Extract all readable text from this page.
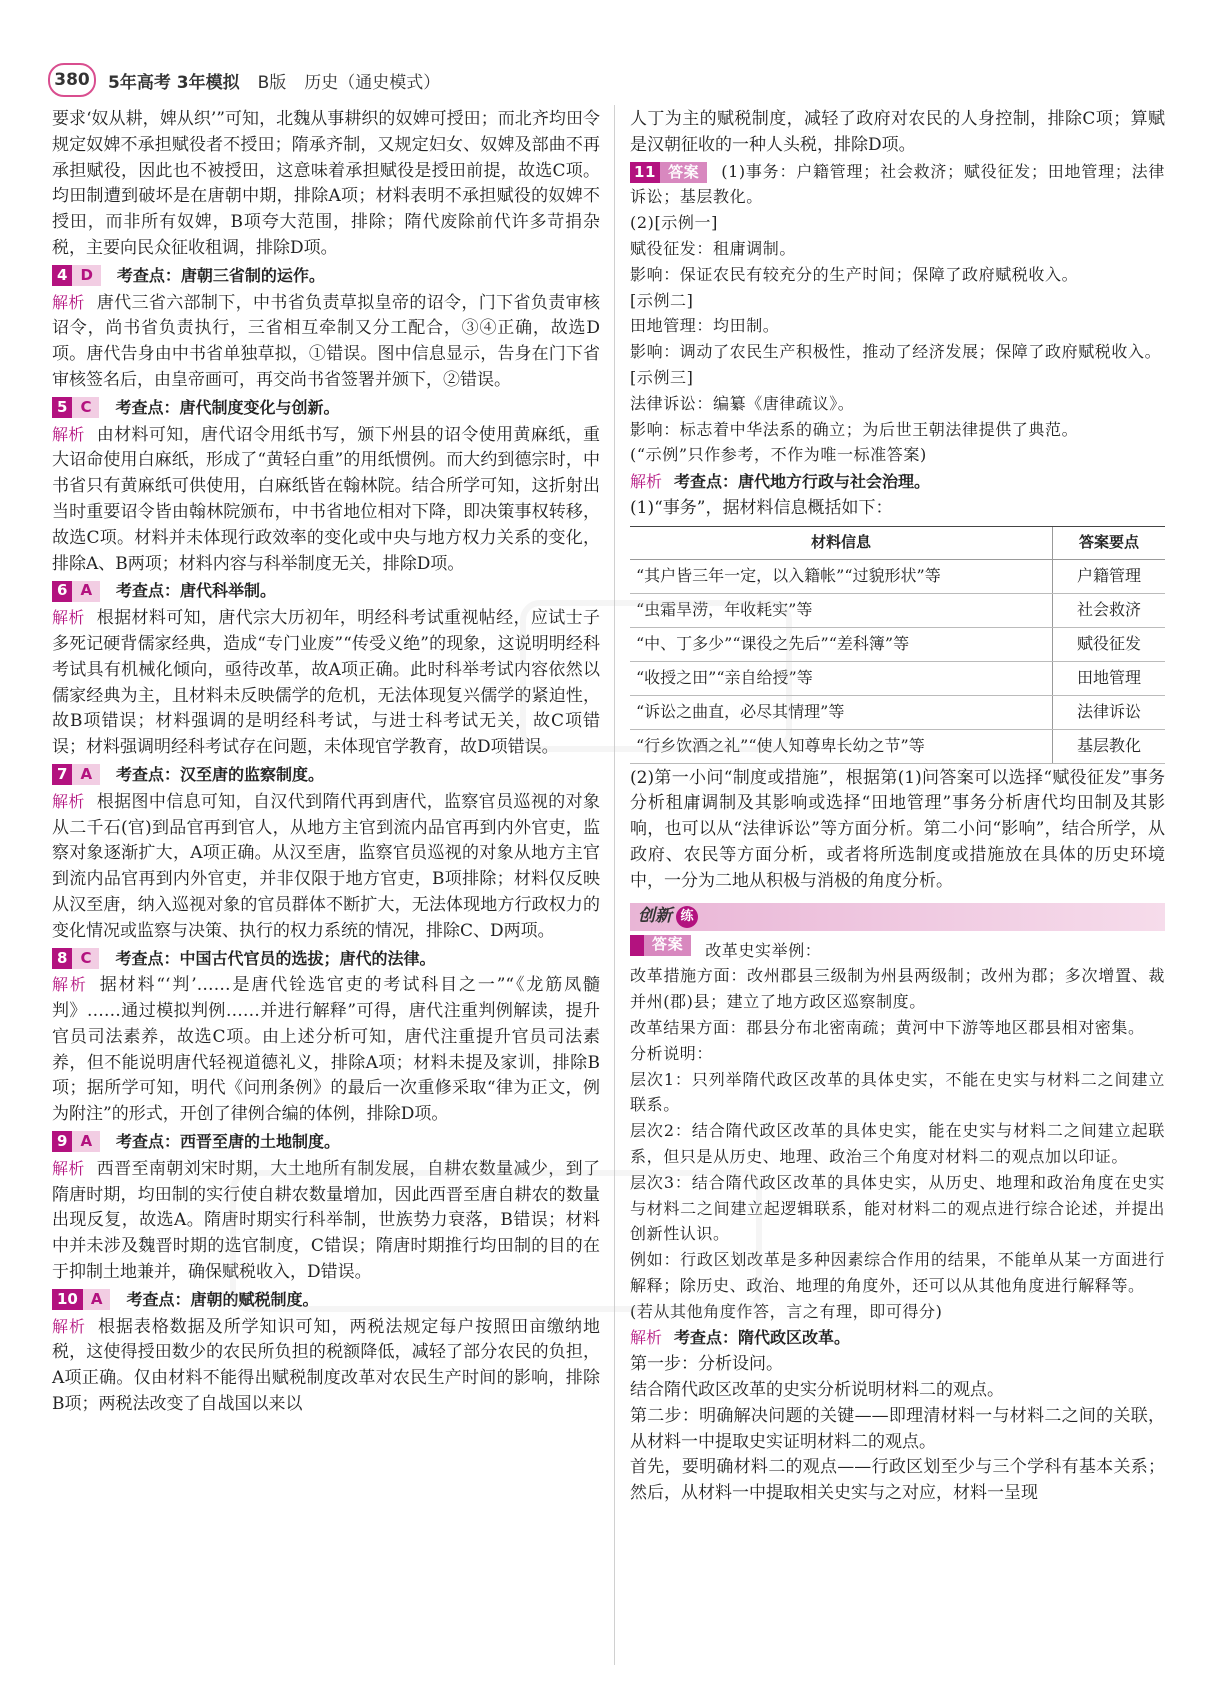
380	5年高考 3年模拟 B版 历史（通史模式）

要求‘奴从耕，婢从织’”可知，北魏从事耕织的奴婢可授田；而北齐均田令规定奴婢不承担赋役者不授田；隋承齐制，又规定妇女、奴婢及部曲不再承担赋役，因此也不被授田，这意味着承担赋役是授田前提，故选C项。均田制遭到破坏是在唐朝中期，排除A项；材料表明不承担赋役的奴婢不授田，而非所有奴婢，B项夸大范围，排除；隋代废除前代许多苛捐杂税，主要向民众征收租调，排除D项。

4 D	考查点：唐朝三省制的运作。

解析 唐代三省六部制下，中书省负责草拟皇帝的诏令，门下省负责审核诏令，尚书省负责执行，三省相互牵制又分工配合，③④正确，故选D项。唐代告身由中书省单独草拟，①错误。图中信息显示，告身在门下省审核签名后，由皇帝画可，再交尚书省签署并颁下，②错误。

5 C	考查点：唐代制度变化与创新。

解析 由材料可知，唐代诏令用纸书写，颁下州县的诏令使用黄麻纸，重大诏命使用白麻纸，形成了“黄轻白重”的用纸惯例。而大约到德宗时，中书省只有黄麻纸可供使用，白麻纸皆在翰林院。结合所学可知，这折射出当时重要诏令皆由翰林院颁布，中书省地位相对下降，即决策事权转移，故选C项。材料并未体现行政效率的变化或中央与地方权力关系的变化，排除A、B两项；材料内容与科举制度无关，排除D项。

6 A	考查点：唐代科举制。

解析 根据材料可知，唐代宗大历初年，明经科考试重视帖经，应试士子多死记硬背儒家经典，造成“专门业废”“传受义绝”的现象，这说明明经科考试具有机械化倾向，亟待改革，故A项正确。此时科举考试内容依然以儒家经典为主，且材料未反映儒学的危机，无法体现复兴儒学的紧迫性，故B项错误；材料强调的是明经科考试，与进士科考试无关，故C项错误；材料强调明经科考试存在问题，未体现官学教育，故D项错误。

7 A	考查点：汉至唐的监察制度。

解析 根据图中信息可知，自汉代到隋代再到唐代，监察官员巡视的对象从二千石(官)到品官再到官人，从地方主官到流内品官再到内外官吏，监察对象逐渐扩大，A项正确。从汉至唐，监察官员巡视的对象从地方主官到流内品官再到内外官吏，并非仅限于地方官吏，B项排除；材料仅反映从汉至唐，纳入巡视对象的官员群体不断扩大，无法体现地方行政权力的变化情况或监察与决策、执行的权力系统的情况，排除C、D两项。

8 C	考查点：中国古代官员的选拔；唐代的法律。

解析 据材料“‘判’……是唐代铨选官吏的考试科目之一”“《龙筋凤髓判》……通过模拟判例……并进行解释”可得，唐代注重判例解读，提升官员司法素养，故选C项。由上述分析可知，唐代注重提升官员司法素养，但不能说明唐代轻视道德礼义，排除A项；材料未提及家训，排除B项；据所学可知，明代《问刑条例》的最后一次重修采取“律为正文，例为附注”的形式，开创了律例合编的体例，排除D项。

9 A	考查点：西晋至唐的土地制度。

解析 西晋至南朝刘宋时期，大土地所有制发展，自耕农数量减少，到了隋唐时期，均田制的实行使自耕农数量增加，因此西晋至唐自耕农的数量出现反复，故选A。隋唐时期实行科举制，世族势力衰落，B错误；材料中并未涉及魏晋时期的选官制度，C错误；隋唐时期推行均田制的目的在于抑制土地兼并，确保赋税收入，D错误。

10 A	考查点：唐朝的赋税制度。

解析 根据表格数据及所学知识可知，两税法规定每户按照田亩缴纳地税，这使得授田数少的农民所负担的税额降低，减轻了部分农民的负担，A项正确。仅由材料不能得出赋税制度改革对农民生产时间的影响，排除B项；两税法改变了自战国以来以

人丁为主的赋税制度，减轻了政府对农民的人身控制，排除C项；算赋是汉朝征收的一种人头税，排除D项。

11 答案	(1)事务：户籍管理；社会救济；赋役征发；田地管理；法律诉讼；基层教化。

(2)[示例一]

赋役征发：租庸调制。

影响：保证农民有较充分的生产时间；保障了政府赋税收入。

[示例二]

田地管理：均田制。

影响：调动了农民生产积极性，推动了经济发展；保障了政府赋税收入。

[示例三]

法律诉讼：编纂《唐律疏议》。

影响：标志着中华法系的确立；为后世王朝法律提供了典范。

(“示例”只作参考，不作为唯一标准答案)

解析 考查点：唐代地方行政与社会治理。

(1)“事务”，据材料信息概括如下：

材料信息	答案要点
“其户皆三年一定，以入籍帐”“过貌形状”等	户籍管理
“虫霜旱涝，年收耗实”等	社会救济
“中、丁多少”“课役之先后”“差科簿”等	赋役征发
“收授之田”“亲自给授”等	田地管理
“诉讼之曲直，必尽其情理”等	法律诉讼
“行乡饮酒之礼”“使人知尊卑长幼之节”等	基层教化

(2)第一小问“制度或措施”，根据第(1)问答案可以选择“赋役征发”事务分析租庸调制及其影响或选择“田地管理”事务分析唐代均田制及其影响，也可以从“法律诉讼”等方面分析。第二小问“影响”，结合所学，从政府、农民等方面分析，或者将所选制度或措施放在具体的历史环境中，一分为二地从积极与消极的角度分析。

创新 练

答案	改革史实举例：

改革措施方面：改州郡县三级制为州县两级制；改州为郡；多次增置、裁并州(郡)县；建立了地方政区巡察制度。

改革结果方面：郡县分布北密南疏；黄河中下游等地区郡县相对密集。

分析说明：

层次1：只列举隋代政区改革的具体史实，不能在史实与材料二之间建立联系。

层次2：结合隋代政区改革的具体史实，能在史实与材料二之间建立起联系，但只是从历史、地理、政治三个角度对材料二的观点加以印证。

层次3：结合隋代政区改革的具体史实，从历史、地理和政治角度在史实与材料二之间建立起逻辑联系，能对材料二的观点进行综合论述，并提出创新性认识。

例如：行政区划改革是多种因素综合作用的结果，不能单从某一方面进行解释；除历史、政治、地理的角度外，还可以从其他角度进行解释等。

(若从其他角度作答，言之有理，即可得分)

解析 考查点：隋代政区改革。

第一步：分析设问。

结合隋代政区改革的史实分析说明材料二的观点。

第二步：明确解决问题的关键——即理清材料一与材料二之间的关联，从材料一中提取史实证明材料二的观点。

首先，要明确材料二的观点——行政区划至少与三个学科有基本关系；然后，从材料一中提取相关史实与之对应，材料一呈现
